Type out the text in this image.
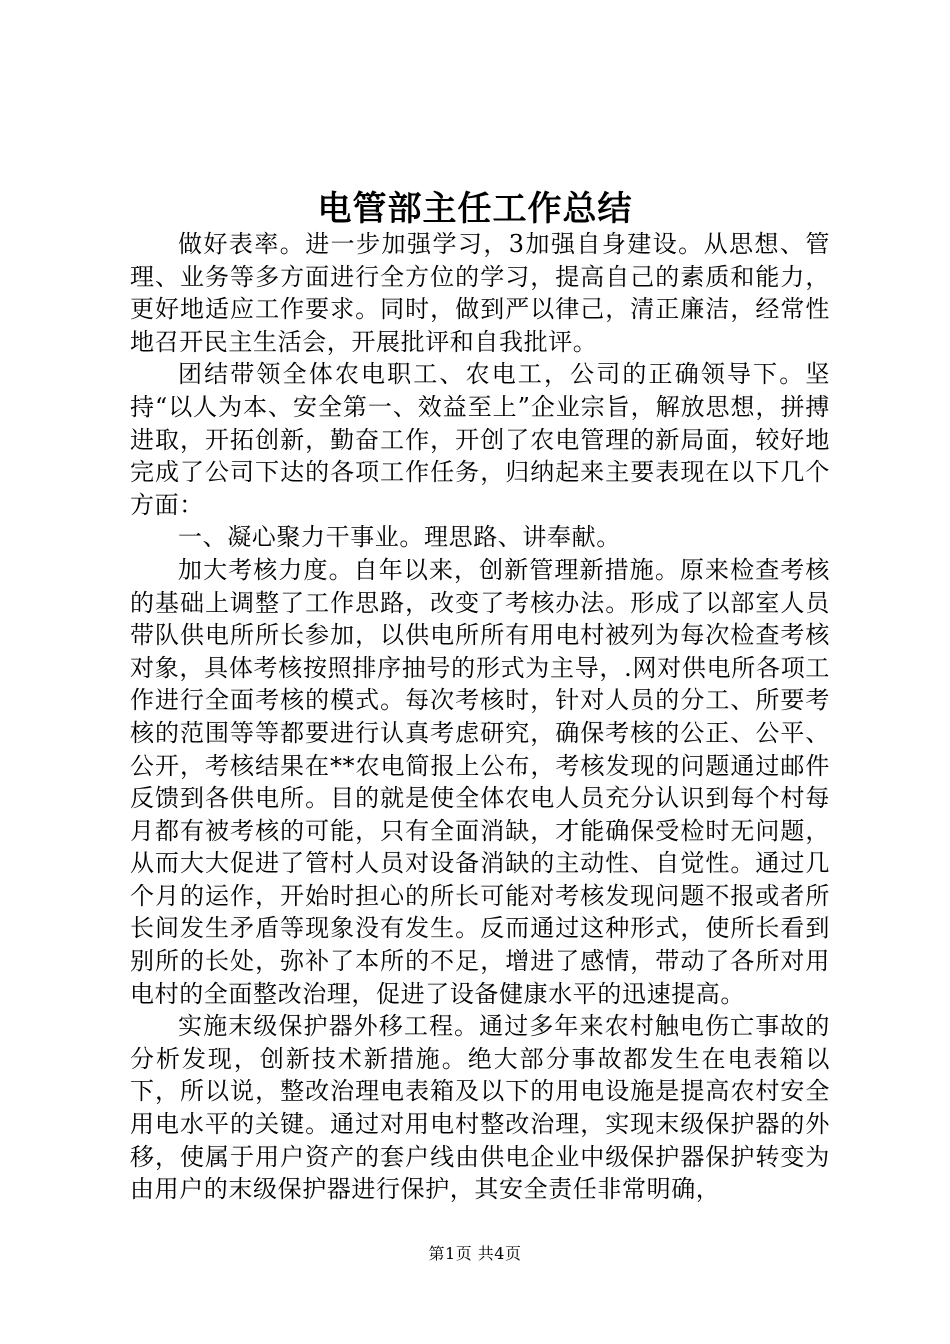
电管部主任工作总结

做好表率。进一步加强学习，3加强自身建设。从思想、管理、业务等多方面进行全方位的学习，提高自己的素质和能力，更好地适应工作要求。同时，做到严以律己，清正廉洁，经常性地召开民主生活会，开展批评和自我批评。

团结带领全体农电职工、农电工，公司的正确领导下。坚持“以人为本、安全第一、效益至上”企业宗旨，解放思想，拼搏进取，开拓创新，勤奋工作，开创了农电管理的新局面，较好地完成了公司下达的各项工作任务，归纳起来主要表现在以下几个方面：

一、凝心聚力干事业。理思路、讲奉献。

加大考核力度。自年以来，创新管理新措施。原来检查考核的基础上调整了工作思路，改变了考核办法。形成了以部室人员带队供电所所长参加，以供电所所有用电村被列为每次检查考核对象，具体考核按照排序抽号的形式为主导，.网对供电所各项工作进行全面考核的模式。每次考核时，针对人员的分工、所要考核的范围等等都要进行认真考虑研究，确保考核的公正、公平、公开，考核结果在**农电简报上公布，考核发现的问题通过邮件反馈到各供电所。目的就是使全体农电人员充分认识到每个村每月都有被考核的可能，只有全面消缺，才能确保受检时无问题，从而大大促进了管村人员对设备消缺的主动性、自觉性。通过几个月的运作，开始时担心的所长可能对考核发现问题不报或者所长间发生矛盾等现象没有发生。反而通过这种形式，使所长看到别所的长处，弥补了本所的不足，增进了感情，带动了各所对用电村的全面整改治理，促进了设备健康水平的迅速提高。

实施末级保护器外移工程。通过多年来农村触电伤亡事故的分析发现，创新技术新措施。绝大部分事故都发生在电表箱以下，所以说，整改治理电表箱及以下的用电设施是提高农村安全用电水平的关键。通过对用电村整改治理，实现末级保护器的外移，使属于用户资产的套户线由供电企业中级保护器保护转变为由用户的末级保护器进行保护，其安全责任非常明确，

第1页 共4页
